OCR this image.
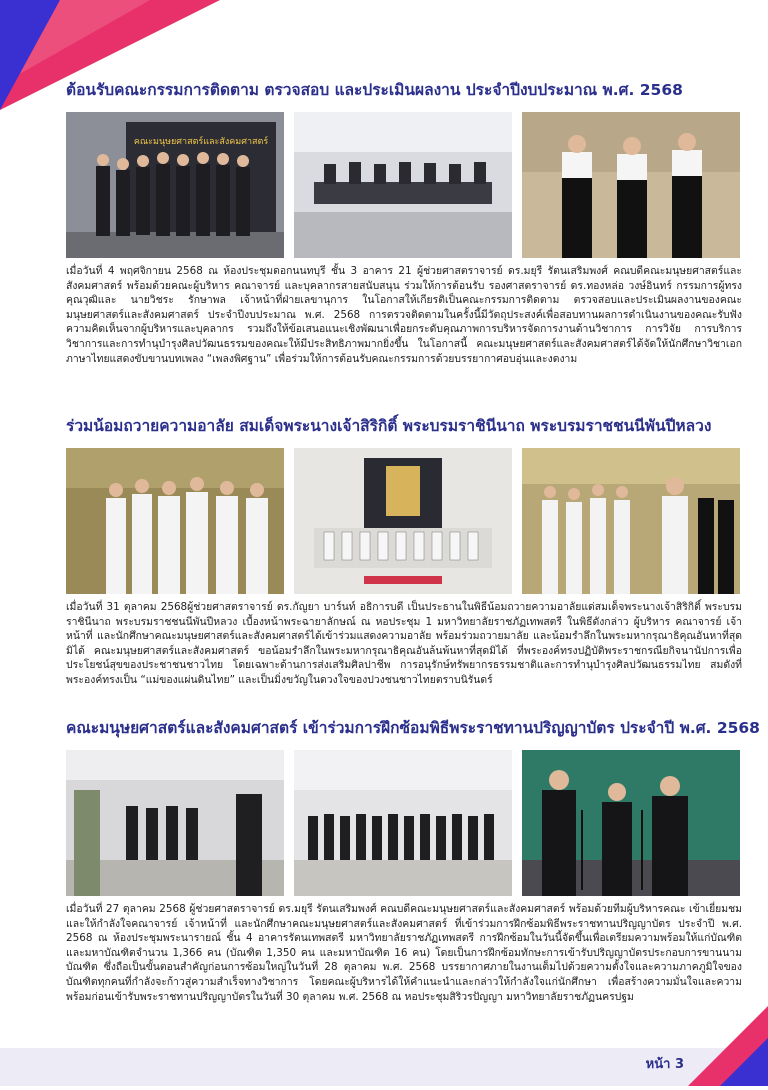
ต้อนรับคณะกรรมการติดตาม ตรวจสอบ และประเมินผลงาน ประจำปีงบประมาณ พ.ศ. 2568
คณะมนุษยศาสตร์และสังคมศาสตร์

เมื่อวันที่ 4 พฤศจิกายน 2568 ณ ห้องประชุมดอกนนทบุรี ชั้น 3 อาคาร 21 ผู้ช่วยศาสตราจารย์ ดร.มยุรี รัตนเสริมพงศ์ คณบดีคณะมนุษยศาสตร์และสังคมศาสตร์ พร้อมด้วยคณะผู้บริหาร คณาจารย์ และบุคลากรสายสนับสนุน ร่วมให้การต้อนรับ รองศาสตราจารย์ ดร.ทองหล่อ วงษ์อินทร์ กรรมการผู้ทรงคุณวุฒิและ นายวิชระ รักษาพล เจ้าหน้าที่ฝ่ายเลขานุการ ในโอกาสให้เกียรติเป็นคณะกรรมการติดตาม ตรวจสอบและประเมินผลงานของคณะมนุษยศาสตร์และสังคมศาสตร์ ประจำปีงบประมาณ พ.ศ. 2568 การตรวจติดตามในครั้งนี้มีวัตถุประสงค์เพื่อสอบทานผลการดำเนินงานของคณะรับฟังความคิดเห็นจากผู้บริหารและบุคลากร รวมถึงให้ข้อเสนอแนะเชิงพัฒนาเพื่อยกระดับคุณภาพการบริหารจัดการงานด้านวิชาการ การวิจัย การบริการวิชาการและการทำนุบำรุงศิลปวัฒนธรรมของคณะให้มีประสิทธิภาพมากยิ่งขึ้น ในโอกาสนี้ คณะมนุษยศาสตร์และสังคมศาสตร์ได้จัดให้นักศึกษาวิชาเอกภาษาไทยแสดงขับขานบทเพลง “เพลงพิศฐาน” เพื่อร่วมให้การต้อนรับคณะกรรมการด้วยบรรยากาศอบอุ่นและงดงาม

ร่วมน้อมถวายความอาลัย สมเด็จพระนางเจ้าสิริกิติ์ พระบรมราชินีนาถ พระบรมราชชนนีพันปีหลวง

เมื่อวันที่ 31 ตุลาคม 2568ผู้ช่วยศาสตราจารย์ ดร.กัญยา บาร์นท์ อธิการบดี เป็นประธานในพิธีน้อมถวายความอาลัยแด่สมเด็จพระนางเจ้าสิริกิติ์ พระบรมราชินีนาถ พระบรมราชชนนีพันปีหลวง เบื้องหน้าพระฉายาลักษณ์ ณ หอประชุม 1 มหาวิทยาลัยราชภัฏเทพสตรี ในพิธีดังกล่าว ผู้บริหาร คณาจารย์ เจ้าหน้าที่ และนักศึกษาคณะมนุษยศาสตร์และสังคมศาสตร์ได้เข้าร่วมแสดงความอาลัย พร้อมร่วมถวายมาลัย และน้อมรำลึกในพระมหากรุณาธิคุณอันหาที่สุดมิได้ คณะมนุษยศาสตร์และสังคมศาสตร์ ขอน้อมรำลึกในพระมหากรุณาธิคุณอันล้นพ้นหาที่สุดมิได้ ที่พระองค์ทรงปฏิบัติพระราชกรณียกิจนานัปการเพื่อประโยชน์สุขของประชาชนชาวไทย โดยเฉพาะด้านการส่งเสริมศิลปาชีพ การอนุรักษ์ทรัพยากรธรรมชาติและการทำนุบำรุงศิลปวัฒนธรรมไทย สมดังที่พระองค์ทรงเป็น “แม่ของแผ่นดินไทย” และเป็นมิ่งขวัญในดวงใจของปวงชนชาวไทยตราบนิรันดร์

คณะมนุษยศาสตร์และสังคมศาสตร์ เข้าร่วมการฝึกซ้อมพิธีพระราชทานปริญญาบัตร ประจำปี พ.ศ. 2568

เมื่อวันที่ 27 ตุลาคม 2568 ผู้ช่วยศาสตราจารย์ ดร.มยุรี รัตนเสริมพงศ์ คณบดีคณะมนุษยศาสตร์และสังคมศาสตร์ พร้อมด้วยทีมผู้บริหารคณะ เข้าเยี่ยมชมและให้กำลังใจคณาจารย์ เจ้าหน้าที่ และนักศึกษาคณะมนุษยศาสตร์และสังคมศาสตร์ ที่เข้าร่วมการฝึกซ้อมพิธีพระราชทานปริญญาบัตร ประจำปี พ.ศ. 2568 ณ ห้องประชุมพระนารายณ์ ชั้น 4 อาคารรัตนเทพสตรี มหาวิทยาลัยราชภัฏเทพสตรี การฝึกซ้อมในวันนี้จัดขึ้นเพื่อเตรียมความพร้อมให้แก่บัณฑิตและมหาบัณฑิตจำนวน 1,366 คน (บัณฑิต 1,350 คน และมหาบัณฑิต 16 คน) โดยเป็นการฝึกซ้อมทักษะการเข้ารับปริญญาบัตรประกอบการขานนามบัณฑิต ซึ่งถือเป็นขั้นตอนสำคัญก่อนการซ้อมใหญ่ในวันที่ 28 ตุลาคม พ.ศ. 2568 บรรยากาศภายในงานเต็มไปด้วยความตั้งใจและความภาคภูมิใจของบัณฑิตทุกคนที่กำลังจะก้าวสู่ความสำเร็จทางวิชาการ โดยคณะผู้บริหารได้ให้คำแนะนำและกล่าวให้กำลังใจแก่นักศึกษา เพื่อสร้างความมั่นใจและความพร้อมก่อนเข้ารับพระราชทานปริญญาบัตรในวันที่ 30 ตุลาคม พ.ศ. 2568 ณ หอประชุมสิริวรปัญญา มหาวิทยาลัยราชภัฏนครปฐม

หน้า 3
